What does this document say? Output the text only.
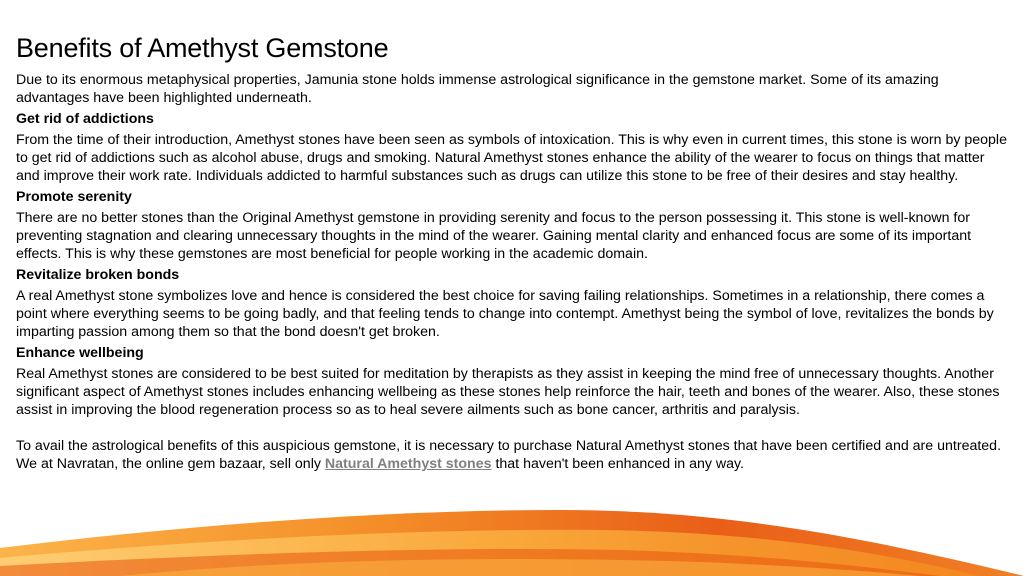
Benefits of Amethyst Gemstone

Due to its enormous metaphysical properties, Jamunia stone holds immense astrological significance in the gemstone market. Some of its amazing advantages have been highlighted underneath.

Get rid of addictions

From the time of their introduction, Amethyst stones have been seen as symbols of intoxication. This is why even in current times, this stone is worn by people to get rid of addictions such as alcohol abuse, drugs and smoking. Natural Amethyst stones enhance the ability of the wearer to focus on things that matter and improve their work rate. Individuals addicted to harmful substances such as drugs can utilize this stone to be free of their desires and stay healthy.

Promote serenity

There are no better stones than the Original Amethyst gemstone in providing serenity and focus to the person possessing it. This stone is well-known for preventing stagnation and clearing unnecessary thoughts in the mind of the wearer. Gaining mental clarity and enhanced focus are some of its important effects. This is why these gemstones are most beneficial for people working in the academic domain.

Revitalize broken bonds

A real Amethyst stone symbolizes love and hence is considered the best choice for saving failing relationships. Sometimes in a relationship, there comes a point where everything seems to be going badly, and that feeling tends to change into contempt. Amethyst being the symbol of love, revitalizes the bonds by imparting passion among them so that the bond doesn't get broken.

Enhance wellbeing

Real Amethyst stones are considered to be best suited for meditation by therapists as they assist in keeping the mind free of unnecessary thoughts. Another significant aspect of Amethyst stones includes enhancing wellbeing as these stones help reinforce the hair, teeth and bones of the wearer. Also, these stones assist in improving the blood regeneration process so as to heal severe ailments such as bone cancer, arthritis and paralysis.

To avail the astrological benefits of this auspicious gemstone, it is necessary to purchase Natural Amethyst stones that have been certified and are untreated. We at Navratan, the online gem bazaar, sell only Natural Amethyst stones that haven't been enhanced in any way.
